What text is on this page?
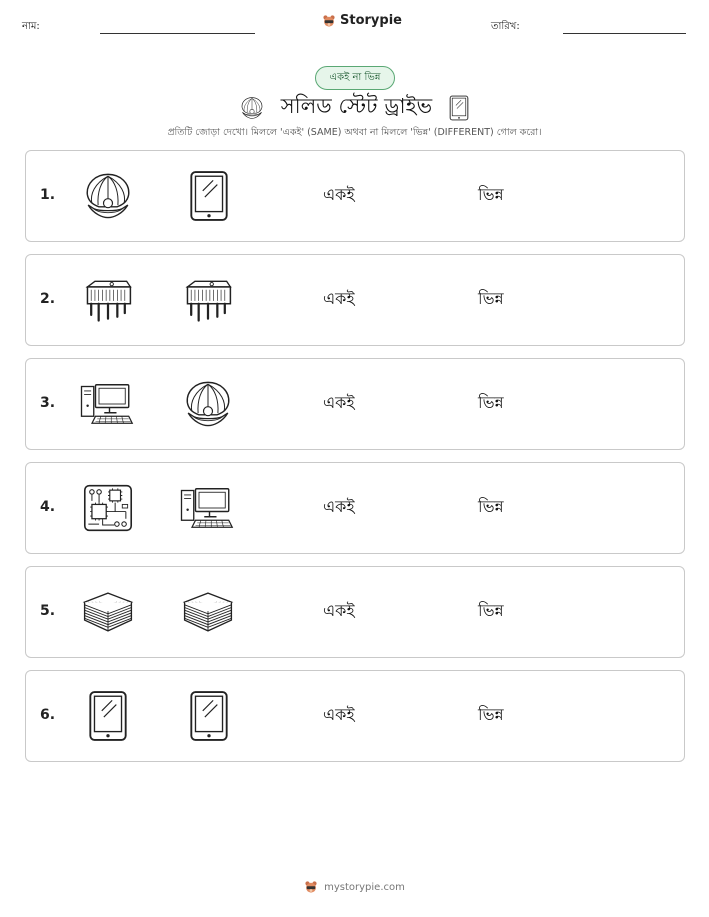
নাম:	Storypie	তারিখ:
একই না ভিন্ন
সলিড স্টেট ড্রাইভ
প্রতিটি জোড়া দেখো। মিললে 'একই' (SAME) অথবা না মিললে 'ভিন্ন' (DIFFERENT) গোল করো।
1.	একই	ভিন্ন
2.	একই	ভিন্ন
3.	একই	ভিন্ন
4.	একই	ভিন্ন
5.	একই	ভিন্ন
6.	একই	ভিন্ন
mystorypie.com
